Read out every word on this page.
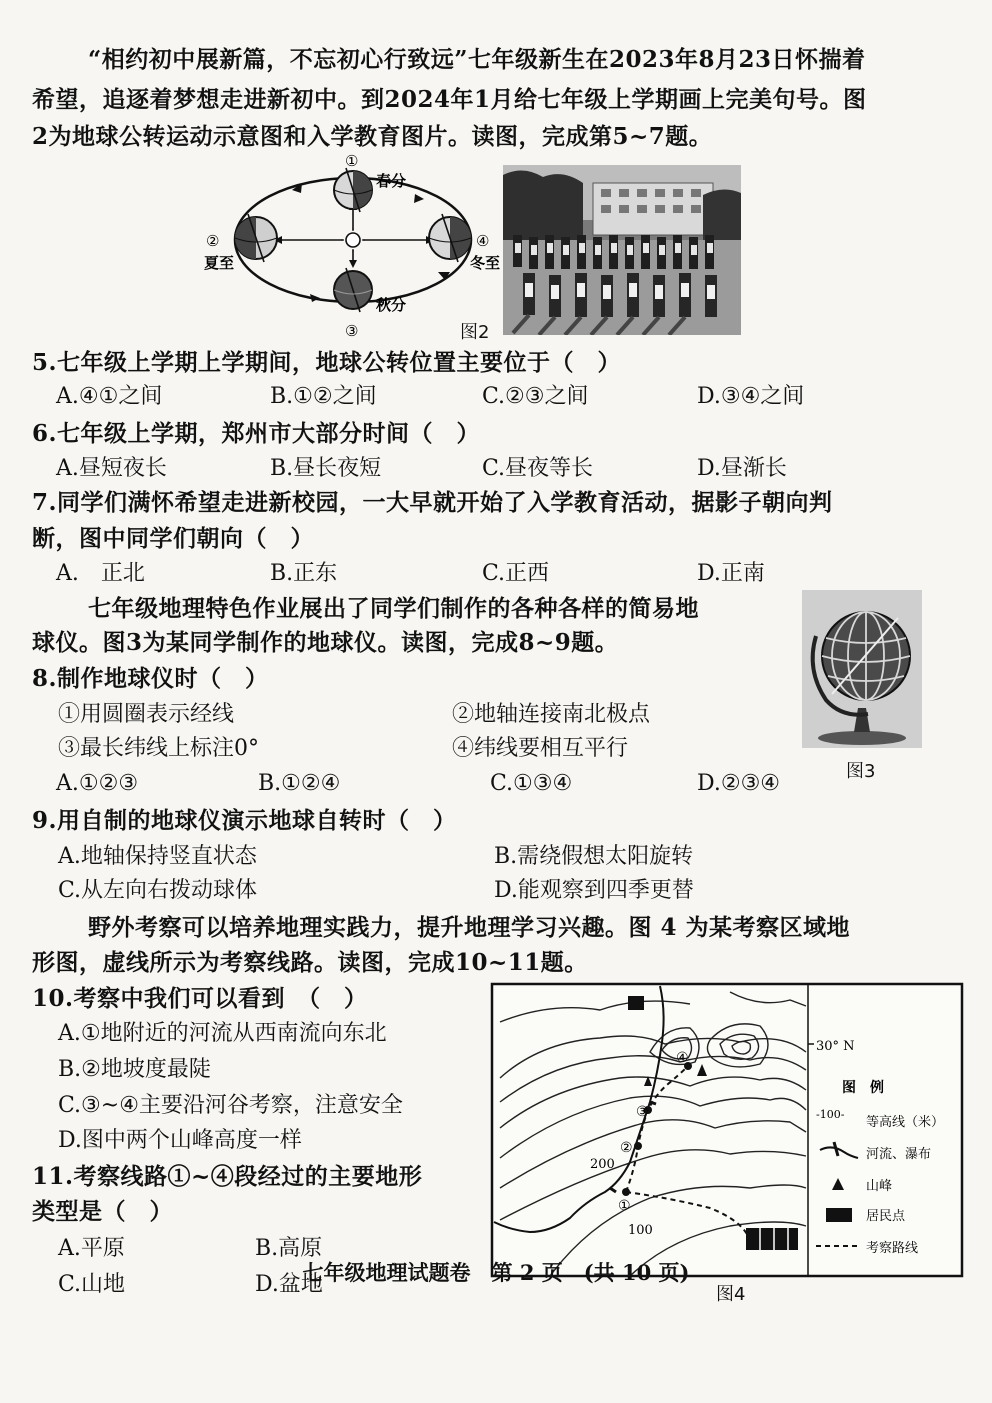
“相约初中展新篇，不忘初心行致远”七年级新生在2023年8月23日怀揣着
希望，追逐着梦想走进新初中。到2024年1月给七年级上学期画上完美句号。图
2为地球公转运动示意图和入学教育图片。读图，完成第5~7题。
①
春分
②
夏至
④
冬至
秋分
③	图2
5.七年级上学期上学期间，地球公转位置主要位于（　）
A.④①之间	B.①②之间	C.②③之间	D.③④之间
6.七年级上学期，郑州市大部分时间（　）
A.昼短夜长	B.昼长夜短	C.昼夜等长	D.昼渐长
7.同学们满怀希望走进新校园，一大早就开始了入学教育活动，据影子朝向判
断，图中同学们朝向（　）
A.　正北	B.正东	C.正西	D.正南
七年级地理特色作业展出了同学们制作的各种各样的简易地
球仪。图3为某同学制作的地球仪。读图，完成8~9题。
图3
8.制作地球仪时（　）
①用圆圈表示经线	②地轴连接南北极点
③最长纬线上标注0°	④纬线要相互平行
A.①②③	B.①②④	C.①③④	D.②③④
9.用自制的地球仪演示地球自转时（　）
A.地轴保持竖直状态	B.需绕假想太阳旋转
C.从左向右拨动球体	D.能观察到四季更替
野外考察可以培养地理实践力，提升地理学习兴趣。图 4 为某考察区域地
形图，虚线所示为考察线路。读图，完成10~11题。
10.考察中我们可以看到　（　）
A.①地附近的河流从西南流向东北
B.②地坡度最陡
C.③~④主要沿河谷考察，注意安全
D.图中两个山峰高度一样
11.考察线路①~④段经过的主要地形
类型是（　）
A.平原	B.高原
C.山地	D.盆地
①
②
③
④
200
100
30° N
图　例
-100-
等高线（米）
河流、瀑布
山峰
居民点
考察路线
图4
七年级地理试题卷　第 2 页　(共 10 页)
